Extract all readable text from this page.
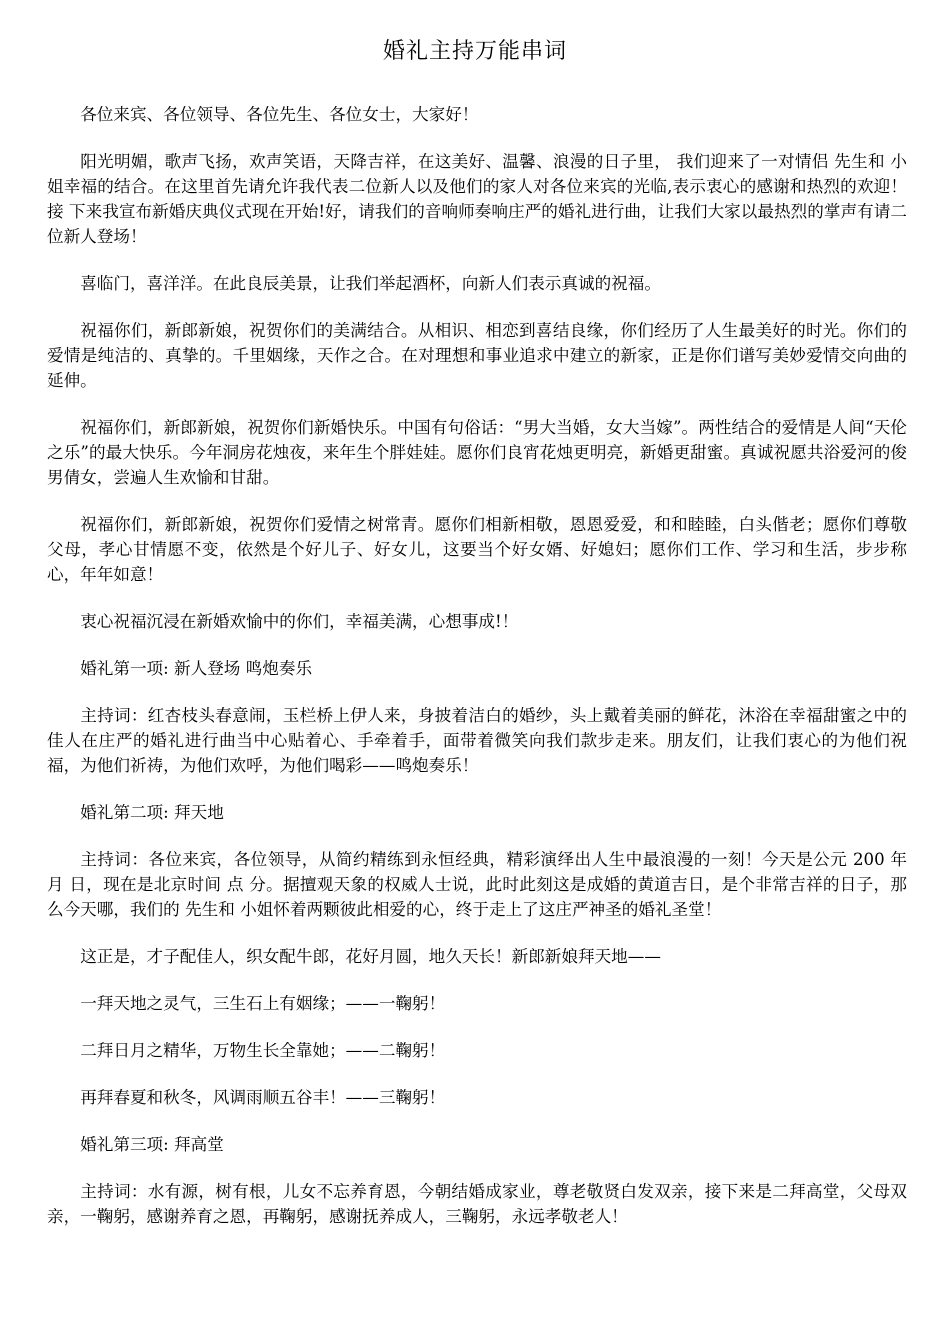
婚礼主持万能串词

各位来宾、各位领导、各位先生、各位女士，大家好！

阳光明媚，歌声飞扬，欢声笑语，天降吉祥，在这美好、温馨、浪漫的日子里， 我们迎来了一对情侣 先生和 小姐幸福的结合。在这里首先请允许我代表二位新人以及他们的家人对各位来宾的光临,表示衷心的感谢和热烈的欢迎！接 下来我宣布新婚庆典仪式现在开始!好，请我们的音响师奏响庄严的婚礼进行曲，让我们大家以最热烈的掌声有请二位新人登场！

喜临门，喜洋洋。在此良辰美景，让我们举起酒杯，向新人们表示真诚的祝福。

祝福你们，新郎新娘，祝贺你们的美满结合。从相识、相恋到喜结良缘，你们经历了人生最美好的时光。你们的爱情是纯洁的、真挚的。千里姻缘，天作之合。在对理想和事业追求中建立的新家，正是你们谱写美妙爱情交向曲的延伸。

祝福你们，新郎新娘，祝贺你们新婚快乐。中国有句俗话：“男大当婚，女大当嫁”。两性结合的爱情是人间“天伦之乐”的最大快乐。今年洞房花烛夜，来年生个胖娃娃。愿你们良宵花烛更明亮，新婚更甜蜜。真诚祝愿共浴爱河的俊男倩女，尝遍人生欢愉和甘甜。

祝福你们，新郎新娘，祝贺你们爱情之树常青。愿你们相新相敬，恩恩爱爱，和和睦睦，白头偕老；愿你们尊敬父母，孝心甘情愿不变，依然是个好儿子、好女儿，这要当个好女婿、好媳妇；愿你们工作、学习和生活，步步称心，年年如意！

衷心祝福沉浸在新婚欢愉中的你们，幸福美满，心想事成!！

婚礼第一项: 新人登场 鸣炮奏乐

主持词：红杏枝头春意闹，玉栏桥上伊人来，身披着洁白的婚纱，头上戴着美丽的鲜花，沐浴在幸福甜蜜之中的佳人在庄严的婚礼进行曲当中心贴着心、手牵着手，面带着微笑向我们款步走来。朋友们，让我们衷心的为他们祝福，为他们祈祷，为他们欢呼，为他们喝彩——鸣炮奏乐！

婚礼第二项: 拜天地

主持词：各位来宾，各位领导，从简约精练到永恒经典，精彩演绎出人生中最浪漫的一刻！今天是公元 200 年 月 日，现在是北京时间 点 分。据擅观天象的权威人士说，此时此刻这是成婚的黄道吉日，是个非常吉祥的日子，那么今天哪，我们的 先生和 小姐怀着两颗彼此相爱的心，终于走上了这庄严神圣的婚礼圣堂！

这正是，才子配佳人，织女配牛郎，花好月圆，地久天长！新郎新娘拜天地——

一拜天地之灵气，三生石上有姻缘；——一鞠躬！

二拜日月之精华，万物生长全靠她；——二鞠躬！

再拜春夏和秋冬，风调雨顺五谷丰！——三鞠躬！

婚礼第三项: 拜高堂

主持词：水有源，树有根，儿女不忘养育恩，今朝结婚成家业，尊老敬贤白发双亲，接下来是二拜高堂，父母双亲，一鞠躬，感谢养育之恩，再鞠躬，感谢抚养成人，三鞠躬，永远孝敬老人！
